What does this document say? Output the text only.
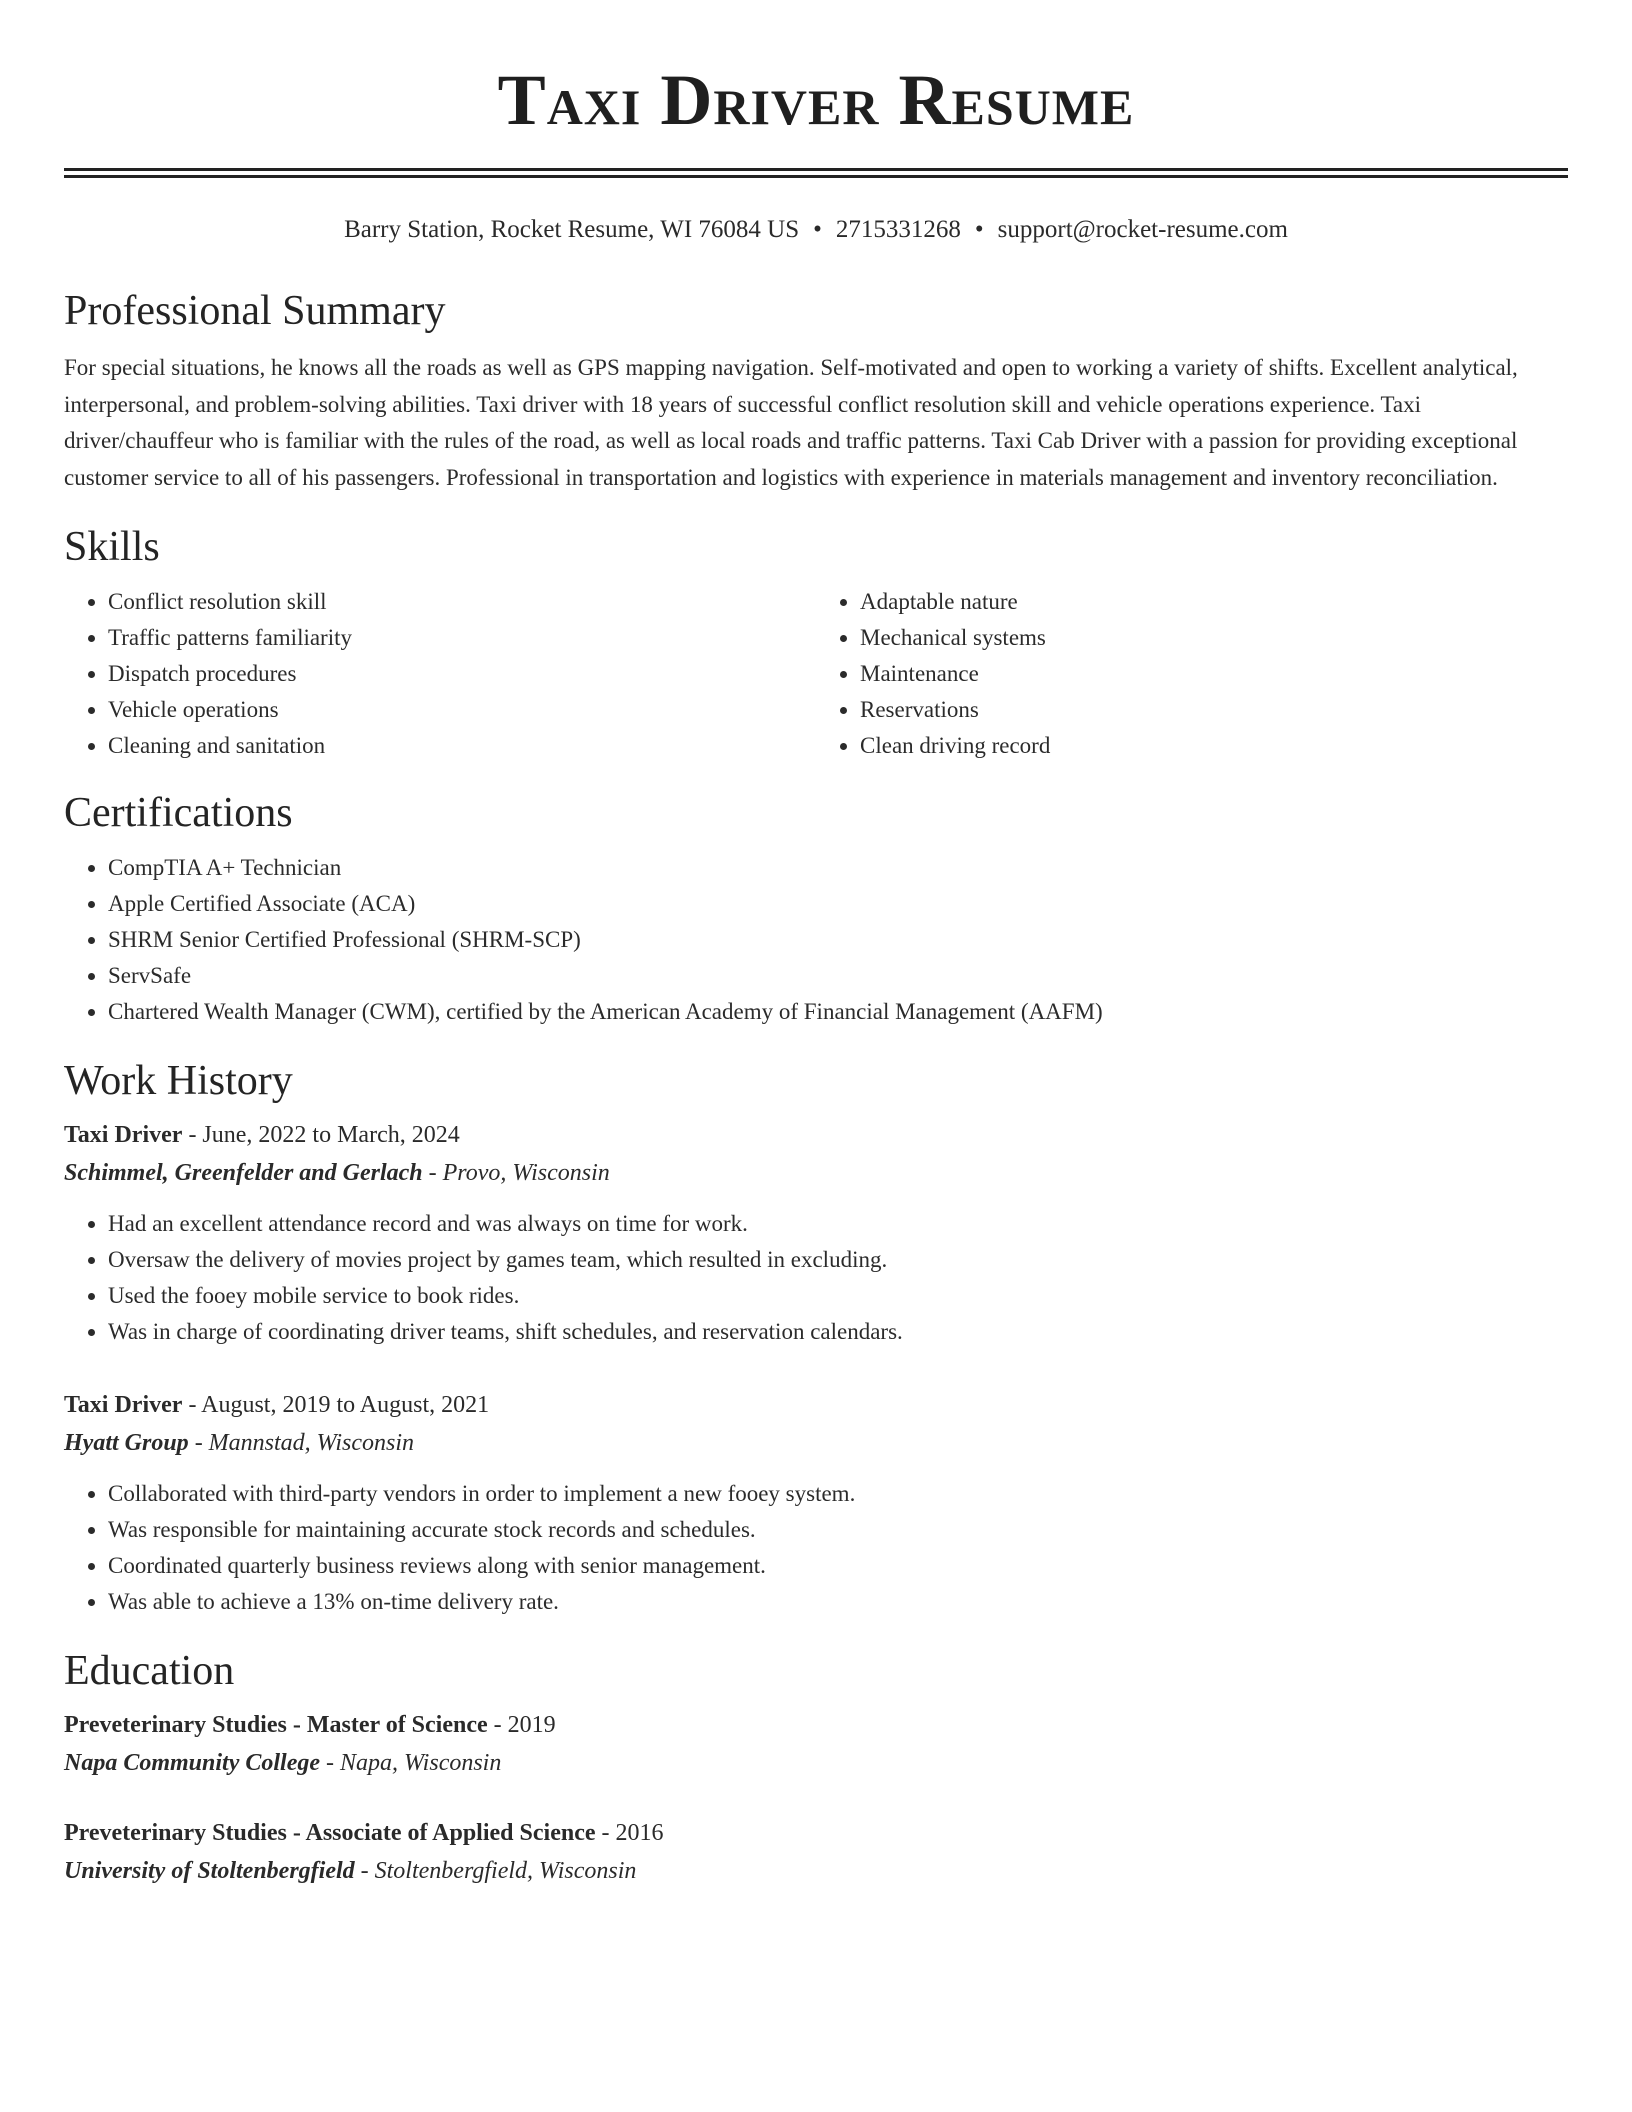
Taxi Driver Resume
Barry Station, Rocket Resume, WI 76084 US • 2715331268 • support@rocket-resume.com
Professional Summary

For special situations, he knows all the roads as well as GPS mapping navigation. Self-motivated and open to working a variety of shifts. Excellent analytical, interpersonal, and problem-solving abilities. Taxi driver with 18 years of successful conflict resolution skill and vehicle operations experience. Taxi driver/chauffeur who is familiar with the rules of the road, as well as local roads and traffic patterns. Taxi Cab Driver with a passion for providing exceptional customer service to all of his passengers. Professional in transportation and logistics with experience in materials management and inventory reconciliation.

Skills
• Conflict resolution skill
• Traffic patterns familiarity
• Dispatch procedures
• Vehicle operations
• Cleaning and sanitation
• Adaptable nature
• Mechanical systems
• Maintenance
• Reservations
• Clean driving record
Certifications
• CompTIA A+ Technician
• Apple Certified Associate (ACA)
• SHRM Senior Certified Professional (SHRM-SCP)
• ServSafe
• Chartered Wealth Manager (CWM), certified by the American Academy of Financial Management (AAFM)
Work History
Taxi Driver - June, 2022 to March, 2024
Schimmel, Greenfelder and Gerlach - Provo, Wisconsin
• Had an excellent attendance record and was always on time for work.
• Oversaw the delivery of movies project by games team, which resulted in excluding.
• Used the fooey mobile service to book rides.
• Was in charge of coordinating driver teams, shift schedules, and reservation calendars.
Taxi Driver - August, 2019 to August, 2021
Hyatt Group - Mannstad, Wisconsin
• Collaborated with third-party vendors in order to implement a new fooey system.
• Was responsible for maintaining accurate stock records and schedules.
• Coordinated quarterly business reviews along with senior management.
• Was able to achieve a 13% on-time delivery rate.
Education
Preveterinary Studies - Master of Science - 2019
Napa Community College - Napa, Wisconsin
Preveterinary Studies - Associate of Applied Science - 2016
University of Stoltenbergfield - Stoltenbergfield, Wisconsin
